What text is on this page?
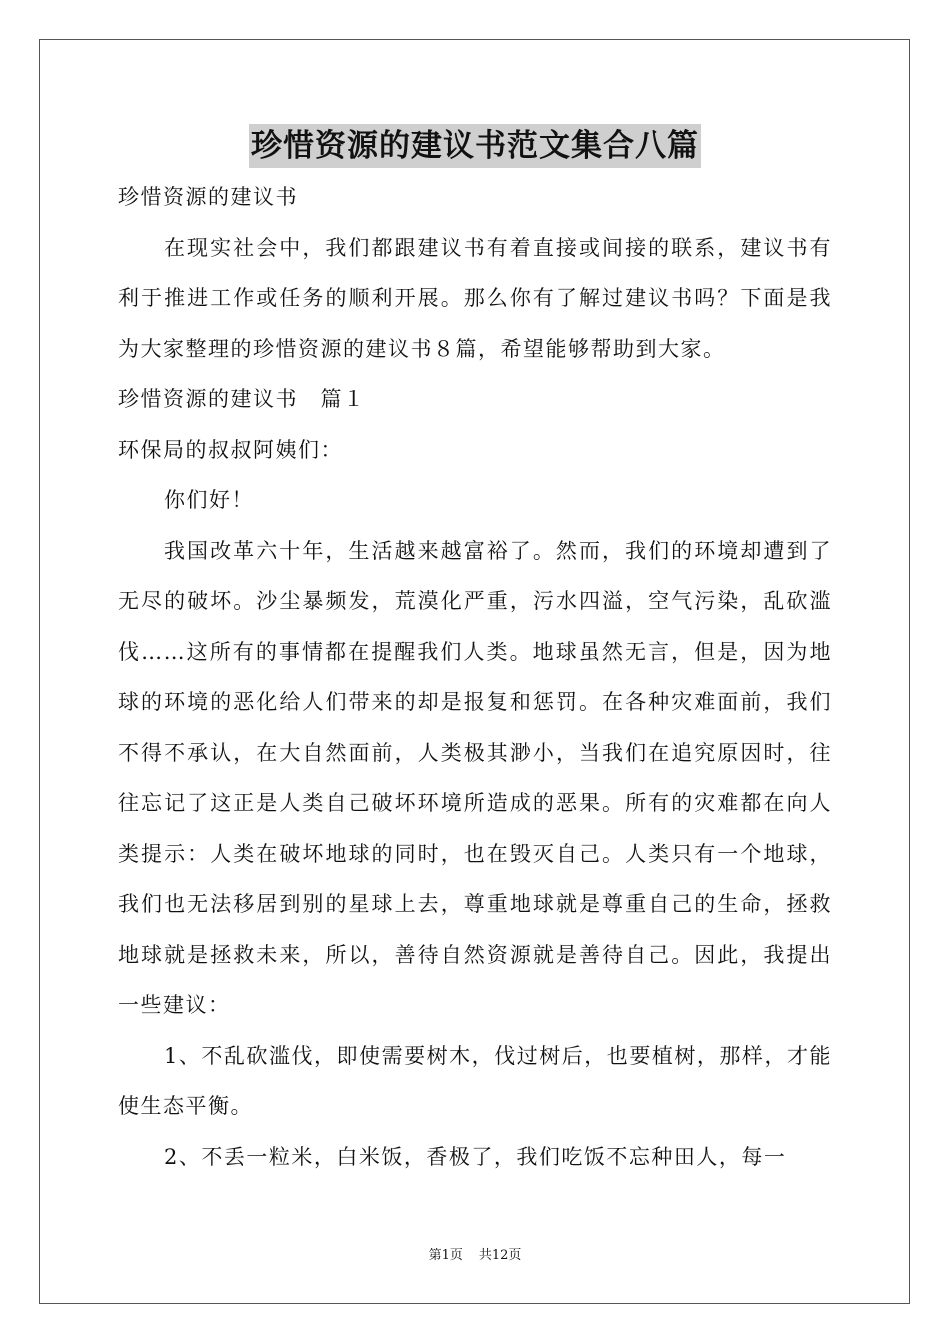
珍惜资源的建议书范文集合八篇

珍惜资源的建议书

在现实社会中，我们都跟建议书有着直接或间接的联系，建议书有利于推进工作或任务的顺利开展。那么你有了解过建议书吗？下面是我为大家整理的珍惜资源的建议书８篇，希望能够帮助到大家。

珍惜资源的建议书　篇１

环保局的叔叔阿姨们：

你们好！

我国改革六十年，生活越来越富裕了。然而，我们的环境却遭到了无尽的破坏。沙尘暴频发，荒漠化严重，污水四溢，空气污染，乱砍滥伐……这所有的事情都在提醒我们人类。地球虽然无言，但是，因为地球的环境的恶化给人们带来的却是报复和惩罚。在各种灾难面前，我们不得不承认，在大自然面前，人类极其渺小，当我们在追究原因时，往往忘记了这正是人类自己破坏环境所造成的恶果。所有的灾难都在向人类提示：人类在破坏地球的同时，也在毁灭自己。人类只有一个地球，我们也无法移居到别的星球上去，尊重地球就是尊重自己的生命，拯救地球就是拯救未来，所以，善待自然资源就是善待自己。因此，我提出一些建议：

1、不乱砍滥伐，即使需要树木，伐过树后，也要植树，那样，才能使生态平衡。

2、不丢一粒米，白米饭，香极了，我们吃饭不忘种田人，每一

第1页 共12页
